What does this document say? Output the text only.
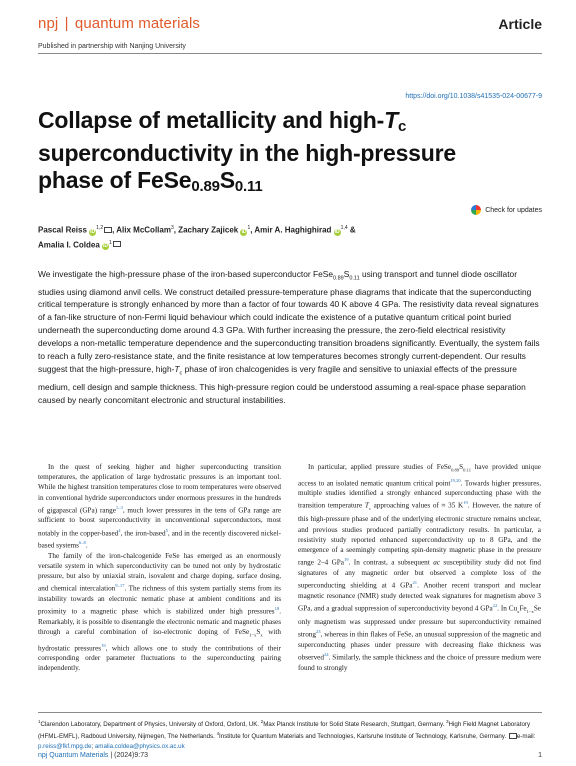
npj | quantum materials	Article
Published in partnership with Nanjing University
https://doi.org/10.1038/s41535-024-00677-9
Collapse of metallicity and high-$T_c$
superconductivity in the high-pressure
phase of $FeSe_{0.89}S_{0.11}$
Check for updates
Pascal Reiss iD$^{1,2}$ , Alix McCollam$^3$, Zachary Zajicek $iD^1$, Amir A. Haghighirad iD$^{1,4}$ &
Amalia I. Coldea $iD^1$
We investigate the high-pressure phase of the iron-based superconductor $FeSe_{0.89}S_{0.11}$ using transport and tunnel diode oscillator studies using diamond anvil cells. We construct detailed pressure-temperature phase diagrams that indicate that the superconducting critical temperature is strongly enhanced by more than a factor of four towards 40 K above 4 GPa. The resistivity data reveal signatures of a fan-like structure of non-Fermi liquid behaviour which could indicate the existence of a putative quantum critical point buried underneath the superconducting dome around 4.3 GPa. With further increasing the pressure, the zero-field electrical resistivity develops a non-metallic temperature dependence and the superconducting transition broadens significantly. Eventually, the system fails to reach a fully zero-resistance state, and the finite resistance at low temperatures becomes strongly current-dependent. Our results suggest that the high-pressure, high-$T_c$ phase of iron chalcogenides is very fragile and sensitive to uniaxial effects of the pressure medium, cell design and sample thickness. This high-pressure region could be understood assuming a real-space phase separation caused by nearly concomitant electronic and structural instabilities.

In the quest of seeking higher and higher superconducting transition temperatures, the application of large hydrostatic pressures is an important tool. While the highest transition temperatures close to room temperatures were observed in conventional hydride superconductors under enormous pressures in the hundreds of gigapascal (GPa) range$^{1-3}$, much lower pressures in the tens of GPa range are sufficient to boost superconductivity in unconventional superconductors, most notably in the copper-based$^4$, the iron-based$^5$, and in the recently discovered nickel-based systems$^{6-8}$.

The family of the iron-chalcogenide FeSe has emerged as an enormously versatile system in which superconductivity can be tuned not only by hydrostatic pressure, but also by uniaxial strain, isovalent and charge doping, surface dosing, and chemical intercalation$^{9-17}$. The richness of this system partially stems from its instability towards an electronic nematic phase at ambient conditions and its proximity to a magnetic phase which is stabilized under high pressures$^{18}$. Remarkably, it is possible to disentangle the electronic nematic and magnetic phases through a careful combination of iso-electronic doping of $FeSe_{1-x}S_x$ with hydrostatic pressures$^{19}$, which allows one to study the contributions of their corresponding order parameter fluctuations to the superconducting pairing independently.

In particular, applied pressure studies of $FeSe_{0.89}S_{0.11}$ have provided unique access to an isolated nematic quantum critical point$^{19,20}$. Towards higher pressures, multiple studies identified a strongly enhanced superconducting phase with the transition temperature $T_c$ approaching values of ≈ 35 K$^{19}$. However, the nature of this high-pressure phase and of the underlying electronic structure remains unclear, and previous studies produced partially contradictory results. In particular, a resistivity study reported enhanced superconductivity up to 8 GPa, and the emergence of a seemingly competing spin-density magnetic phase in the pressure range 2–4 GPa$^{19}$. In contrast, a subsequent ac susceptibility study did not find signatures of any magnetic order but observed a complete loss of the superconducting shielding at 4 GPa$^{21}$. Another recent transport and nuclear magnetic resonance (NMR) study detected weak signatures for magnetism above 3 GPa, and a gradual suppression of superconductivity beyond 4 GPa$^{22}$. In $Cu_xFe_{1-x}Se$ only magnetism was suppressed under pressure but superconductivity remained strong$^{23}$, whereas in thin flakes of FeSe, an unusual suppression of the magnetic and superconducting phases under pressure with decreasing flake thickness was observed$^{24}$. Similarly, the sample thickness and the choice of pressure medium were found to strongly

$^1$Clarendon Laboratory, Department of Physics, University of Oxford, Oxford, UK. $^2$Max Planck Institute for Solid State Research, Stuttgart, Germany. $^3$High Field Magnet Laboratory (HFML-EMFL), Radboud University, Nijmegen, The Netherlands. $^4$Institute for Quantum Materials and Technologies, Karlsruhe Institute of Technology, Karlsruhe, Germany. e-mail: p.reiss@fkf.mpg.de; amalia.coldea@physics.ox.ac.uk
npj Quantum Materials | (2024)9:73	1
